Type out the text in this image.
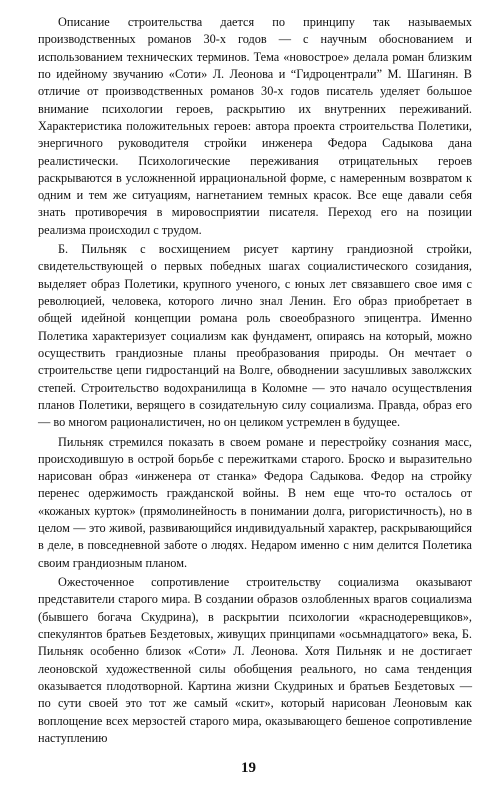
Описание строительства дается по принципу так называемых производственных романов 30-х годов — с научным обоснованием и использованием технических терминов. Тема «новострое» делала роман близким по идейному звучанию «Соти» Л. Леонова и “Гидроцентрали” М. Шагинян. В отличие от производственных романов 30-х годов писатель уделяет большое внимание психологии героев, раскрытию их внутренних переживаний. Характеристика положительных героев: автора проекта строительства Полетики, энергичного руководителя стройки инженера Федора Садыкова дана реалистически. Психологические переживания отрицательных героев раскрываются в усложненной иррациональной форме, с намеренным возвратом к одним и тем же ситуациям, нагнетанием темных красок. Все еще давали себя знать противоречия в мировосприятии писателя. Переход его на позиции реализма происходил с трудом.

Б. Пильняк с восхищением рисует картину грандиозной стройки, свидетельствующей о первых победных шагах социалистического созидания, выделяет образ Полетики, крупного ученого, с юных лет связавшего свое имя с революцией, человека, которого лично знал Ленин. Его образ приобретает в общей идейной концепции романа роль своеобразного эпицентра. Именно Полетика характеризует социализм как фундамент, опираясь на который, можно осуществить грандиозные планы преобразования природы. Он мечтает о строительстве цепи гидростанций на Волге, обводнении засушливых заволжских степей. Строительство водохранилища в Коломне — это начало осуществления планов Полетики, верящего в созидательную силу социализма. Правда, образ его — во многом рационалистичен, но он целиком устремлен в будущее.

Пильняк стремился показать в своем романе и перестройку сознания масс, происходившую в острой борьбе с пережитками старого. Броско и выразительно нарисован образ «инженера от станка» Федора Садыкова. Федор на стройку перенес одержимость гражданской войны. В нем еще что-то осталось от «кожаных курток» (прямолинейность в понимании долга, ригористичность), но в целом — это живой, развивающийся индивидуальный характер, раскрывающийся в деле, в повседневной заботе о людях. Недаром именно с ним делится Полетика своим грандиозным планом.

Ожесточенное сопротивление строительству социализма оказывают представители старого мира. В создании образов озлобленных врагов социализма (бывшего богача Скудрина), в раскрытии психологии «краснодеревщиков», спекулянтов братьев Бездетовых, живущих принципами «осьмнадцатого» века, Б. Пильняк особенно близок «Соти» Л. Леонова. Хотя Пильняк и не достигает леоновской художественной силы обобщения реального, но сама тенденция оказывается плодотворной. Картина жизни Скудриных и братьев Бездетовых — по сути своей это тот же самый «скит», который нарисован Леоновым как воплощение всех мерзостей старого мира, оказывающего бешеное сопротивление наступлению

19
